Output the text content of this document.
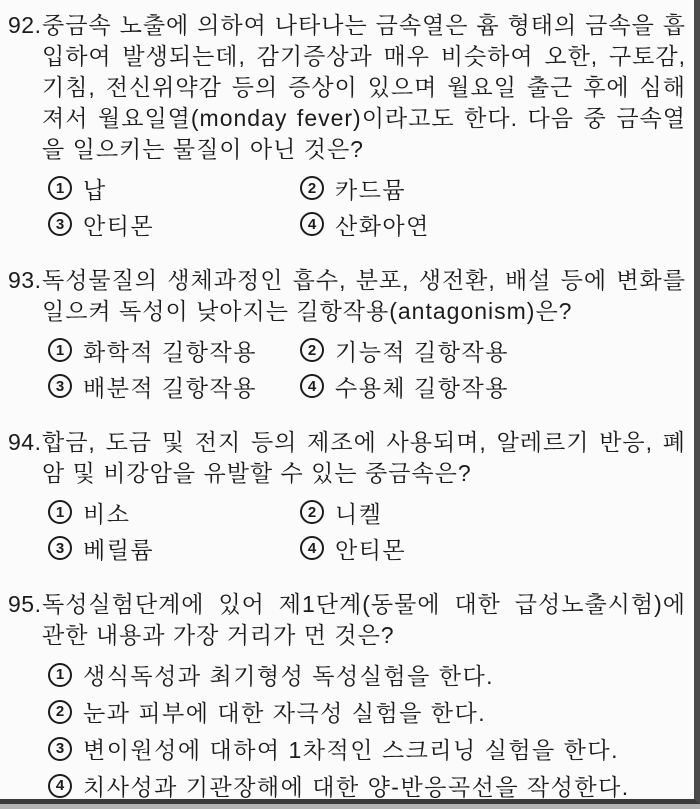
92. 중금속 노출에 의하여 나타나는 금속열은 흄 형태의 금속을 흡입하여 발생되는데, 감기증상과 매우 비슷하여 오한, 구토감, 기침, 전신위약감 등의 증상이 있으며 월요일 출근 후에 심해져서 월요일열(monday fever)이라고도 한다. 다음 중 금속열을 일으키는 물질이 아닌 것은?

1 납	2 카드뮴
3 안티몬	4 산화아연
93. 독성물질의 생체과정인 흡수, 분포, 생전환, 배설 등에 변화를 일으켜 독성이 낮아지는 길항작용(antagonism)은?

1 화학적 길항작용	2 기능적 길항작용
3 배분적 길항작용	4 수용체 길항작용
94. 합금, 도금 및 전지 등의 제조에 사용되며, 알레르기 반응, 폐암 및 비강암을 유발할 수 있는 중금속은?

1 비소	2 니켈
3 베릴륨	4 안티몬
95. 독성실험단계에 있어 제1단계(동물에 대한 급성노출시험)에 관한 내용과 가장 거리가 먼 것은?

1 생식독성과 최기형성 독성실험을 한다.
2 눈과 피부에 대한 자극성 실험을 한다.
3 변이원성에 대하여 1차적인 스크리닝 실험을 한다.
4 치사성과 기관장해에 대한 양-반응곡선을 작성한다.
